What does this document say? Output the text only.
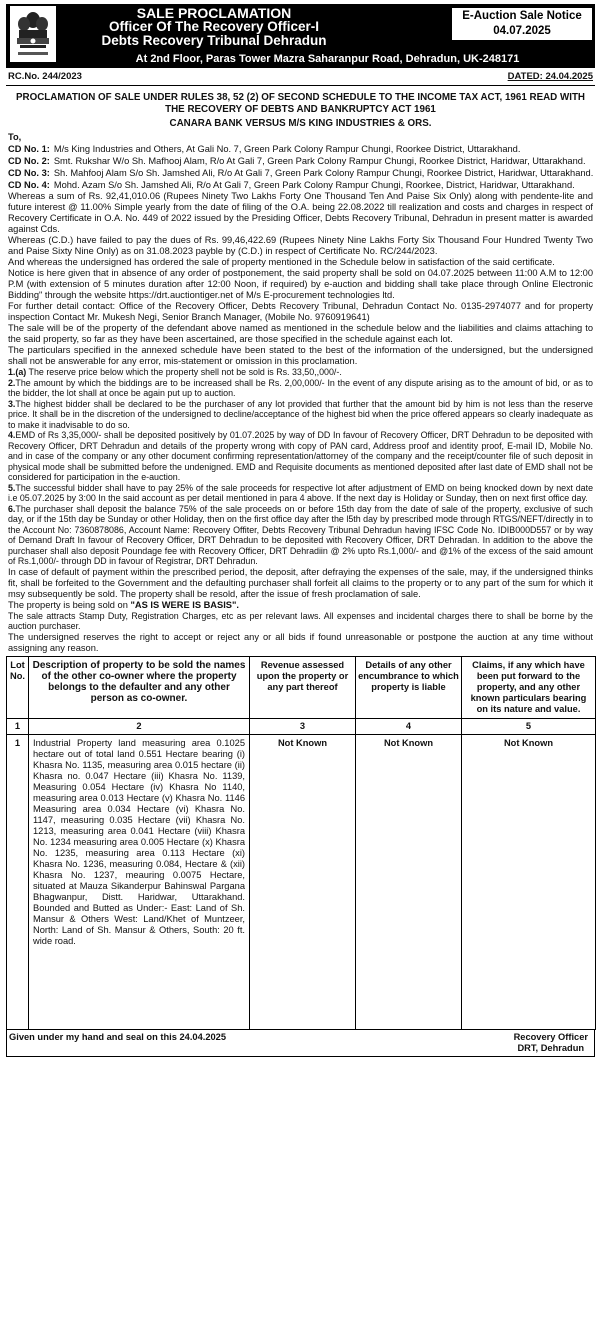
SALE PROCLAMATION
Officer Of The Recovery Officer-I
Debts Recovery Tribunal Dehradun
At 2nd Floor, Paras Tower Mazra Saharanpur Road, Dehradun, UK-248171
E-Auction Sale Notice
04.07.2025
RC.No. 244/2023	DATED: 24.04.2025
PROCLAMATION OF SALE UNDER RULES 38, 52 (2) OF SECOND SCHEDULE TO THE INCOME TAX ACT, 1961 READ WITH THE RECOVERY OF DEBTS AND BANKRUPTCY ACT 1961
CANARA BANK VERSUS M/S KING INDUSTRIES & ORS.
To,
CD No. 1: M/s King Industries and Others, At Gali No. 7, Green Park Colony Rampur Chungi, Roorkee District, Uttarakhand.
CD No. 2: Smt. Rukshar W/o Sh. Mafhooj Alam, R/o At Gali 7, Green Park Colony Rampur Chungi, Roorkee District, Haridwar, Uttarakhand.
CD No. 3: Sh. Mahfooj Alam S/o Sh. Jamshed Ali, R/o At Gali 7, Green Park Colony Rampur Chungi, Roorkee District, Haridwar, Uttarakhand.
CD No. 4: Mohd. Azam S/o Sh. Jamshed Ali, R/o At Gali 7, Green Park Colony Rampur Chungi, Roorkee, District, Haridwar, Uttarakhand.

Whereas a sum of Rs. 92,41,010.06 (Rupees Ninety Two Lakhs Forty One Thousand Ten And Paise Six Only) along with pendente-lite and future interest @ 11.00% Simple yearly from the date of filing of the O.A. being 22.08.2022 till realization and costs and charges in respect of Recovery Certificate in O.A. No. 449 of 2022 issued by the Presiding Officer, Debts Recovery Tribunal, Dehradun in present matter is awarded against Cds.

Whereas (C.D.) have failed to pay the dues of Rs. 99,46,422.69 (Rupees Ninety Nine Lakhs Forty Six Thousand Four Hundred Twenty Two and Paise Sixty Nine Only) as on 31.08.2023 payble by (C.D.) in respect of Certificate No. RC/244/2023.

And whereas the undersigned has ordered the sale of property mentioned in the Schedule below in satisfaction of the said certificate.

Notice is here given that in absence of any order of postponement, the said property shall be sold on 04.07.2025 between 11:00 A.M to 12:00 P.M (with extension of 5 minutes duration after 12:00 Noon, if required) by e-auction and bidding shall take place through Online Electronic Bidding" through the website https://drt.auctiontiger.net of M/s E-procurement technologies ltd.

For further detail contact: Office of the Recovery Officer, Debts Recovery Tribunal, Dehradun Contact No. 0135-2974077 and for property inspection Contact Mr. Mukesh Negi, Senior Branch Manager, (Mobile No. 9760919641)

The sale will be of the property of the defendant above named as mentioned in the schedule below and the liabilities and claims attaching to the said property, so far as they have been ascertained, are those specified in the schedule against each lot.

The particulars specified in the annexed schedule have been stated to the best of the information of the undersigned, but the undersigned shall not be answerable for any error, mis-statement or omission in this proclamation.

1.(a) The reserve price below which the property shell not be sold is Rs. 33,50,,000/-.

2.The amount by which the biddings are to be increased shall be Rs. 2,00,000/- In the event of any dispute arising as to the amount of bid, or as to the bidder, the lot shall at once be again put up to auction.

3.The highest bidder shall be declared to be the purchaser of any lot provided that further that the amount bid by him is not less than the reserve price. It shall be in the discretion of the undersigned to decline/acceptance of the highest bid when the price offered appears so clearly inadequate as to make it inadvisable to do so.

4.EMD of Rs 3,35,000/- shall be deposited positively by 01.07.2025 by way of DD In favour of Recovery Officer, DRT Dehradun to be deposited with Recovery Officer, DRT Dehradun and details of the property wrong with copy of PAN card, Address proof and identity proof, E-mail ID, Mobile No. and in case of the company or any other document confirming representation/attorney of the company and the receipt/counter file of such deposit in physical mode shall be submitted before the undenigned. EMD and Requisite documents as mentioned deposited after last date of EMD shall not be considered for participation in the e-auction.

5.The successful bidder shall have to pay 25% of the sale proceeds for respective lot after adjustment of EMD on being knocked down by next date i.e 05.07.2025 by 3:00 In the said account as per detail mentioned in para 4 above. If the next day is Holiday or Sunday, then on next first office day.

6.The purchaser shall deposit the balance 75% of the sale proceeds on or before 15th day from the date of sale of the property, exclusive of such day, or if the 15th day be Sunday or other Holiday, then on the first office day after the l5th day by prescribed mode through RTGS/NEFT/directly in to the Account No: 7360878086, Account Name: Recovery Offiter, Debts Recovery Tribunal Dehradun having IFSC Code No. IDIB000D557 or by way of Demand Draft In favour of Recovery Officer, DRT Dehradun to be deposited with Recovery Officer, DRT Dehradan. In addition to the above the purchaser shall also deposit Poundage fee with Recovery Officer, DRT Dehradiin @ 2% upto Rs.1,000/- and @1% of the excess of the said amount of Rs.1,000/- through DD in favour of Registrar, DRT Dehradun.

In case of default of payment within the prescribed period, the deposit, after defraying the expenses of the sale, may, if the undersigned thinks fit, shall be forfeited to the Government and the defaulting purchaser shall forfeit all claims to the property or to any part of the sum for which it msy subsequently be sold. The property shall be resold, after the issue of fresh proclamation of sale.

The property is being sold on "AS IS WERE IS BASIS".

The sale attracts Stamp Duty, Registration Charges, etc as per relevant laws. All expenses and incidental charges there to shall be borne by the auction purchaser.

The undersigned reserves the right to accept or reject any or all bids if found unreasonable or postpone the auction at any time without assigning any reason.

Lot No.	Description of property to be sold the names of the other co-owner where the property belongs to the defaulter and any other person as co-owner.	Revenue assessed upon the property or any part thereof	Details of any other encumbrance to which property is liable	Claims, if any which have been put forward to the property, and any other known particulars bearing on its nature and value.
1	2	3	4	5
1	Industrial Property land measuring area 0.1025 hectare out of total land 0.551 Hectare bearing (i) Khasra No. 1135, measuring area 0.015 hectare (ii) Khasra no. 0.047 Hectare (iii) Khasra No. 1139, Measuring 0.054 Hectare (iv) Khasra No 1140, measuring area 0.013 Hectare (v) Khasra No. 1146 Measuring area 0.034 Hectare (vi) Khasra No. 1147, measuring 0.035 Hectare (vii) Khasra No. 1213, measuring area 0.041 Hectare (viii) Khasra No. 1234 measuring area 0.005 Hectare (x) Khasra No. 1235, measuring area 0.113 Hectare (xi) Khasra No. 1236, measuring 0.084, Hectare & (xii) Khasra No. 1237, meauring 0.0075 Hectare, situated at Mauza Sikanderpur Bahinswal Pargana Bhagwanpur, Distt. Haridwar, Uttarakhand. Bounded and Butted as Under:- East: Land of Sh. Mansur & Others West: Land/Khet of Muntzeer, North: Land of Sh. Mansur & Others, South: 20 ft. wide road.	Not Known	Not Known	Not Known
Given under my hand and seal on this 24.04.2025	Recovery Officer
DRT, Dehradun
